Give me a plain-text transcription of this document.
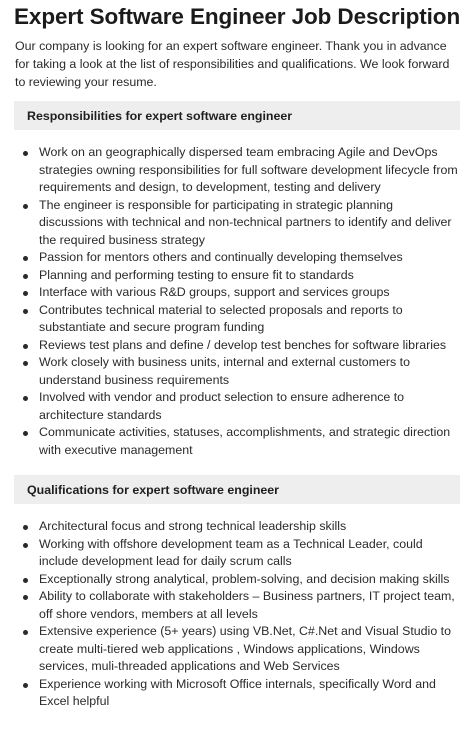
Expert Software Engineer Job Description

Our company is looking for an expert software engineer. Thank you in advance for taking a look at the list of responsibilities and qualifications. We look forward to reviewing your resume.

Responsibilities for expert software engineer
Work on an geographically dispersed team embracing Agile and DevOps strategies owning responsibilities for full software development lifecycle from requirements and design, to development, testing and delivery
The engineer is responsible for participating in strategic planning discussions with technical and non-technical partners to identify and deliver the required business strategy
Passion for mentors others and continually developing themselves
Planning and performing testing to ensure fit to standards
Interface with various R&D groups, support and services groups
Contributes technical material to selected proposals and reports to substantiate and secure program funding
Reviews test plans and define / develop test benches for software libraries
Work closely with business units, internal and external customers to understand business requirements
Involved with vendor and product selection to ensure adherence to architecture standards
Communicate activities, statuses, accomplishments, and strategic direction with executive management
Qualifications for expert software engineer
Architectural focus and strong technical leadership skills
Working with offshore development team as a Technical Leader, could include development lead for daily scrum calls
Exceptionally strong analytical, problem-solving, and decision making skills
Ability to collaborate with stakeholders – Business partners, IT project team, off shore vendors, members at all levels
Extensive experience (5+ years) using VB.Net, C#.Net and Visual Studio to create multi-tiered web applications , Windows applications, Windows services, muli-threaded applications and Web Services
Experience working with Microsoft Office internals, specifically Word and Excel helpful
